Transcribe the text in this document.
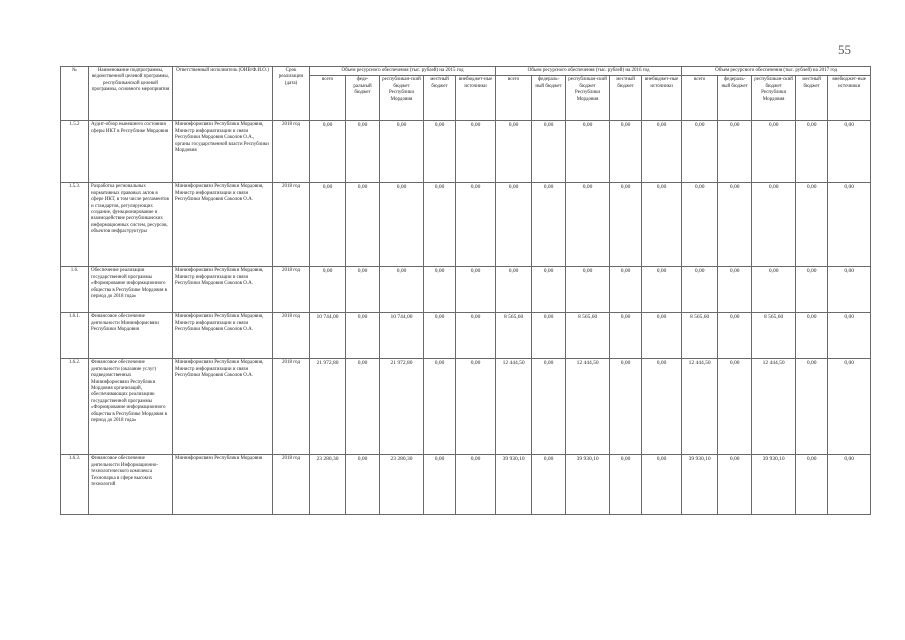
55
№	Наименование подпрограммы, ведомственной целевой программы, республиканской целевой программы, основного мероприятия	Ответственный исполнитель (ОИВ/Ф.И.О.)	Срок реализации (дата)	Объем ресурсного обеспечения (тыс. рублей) на 2015 год					Объем ресурсного обеспечения (тыс. рублей) на 2016 год					Объем ресурсного обеспечения (тыс. рублей) на 2017 год				
				всего	феде-ральный бюджет	республикан-ский бюджет Республики Мордовия	местный бюджет	внебюджет-ные источники	всего	федераль-ный бюджет	республикан-ский бюджет Республики Мордовия	местный бюджет	внебюджет-ные источники	всего	федераль-ный бюджет	республикан-ский бюджет Республики Мордовия	местный бюджет	внебюджет-ные источники
1.5.2	Аудит-обзор нынешнего состояния сферы ИКТ в Республике Мордовия	Мининформсвязи Республики Мордовия, Министр информатизации и связи Республики Мордовия Соколов О.А., органы государственной власти Республики Мордовия	2018 год	0,00	0,00	0,00	0,00	0,00	0,00	0,00	0,00	0,00	0,00	0,00	0,00	0,00	0,00	0,00
1.5.3.	Разработка региональных нормативных правовых актов в сфере ИКТ, в том числе регламентов и стандартов, регулирующих создание, функционирование и взаимодействие республиканских информационных систем, ресурсов, объектов инфраструктуры	Мининформсвязи Республики Мордовия, Министр информатизации и связи Республики Мордовия Соколов О.А.	2018 год	0,00	0,00	0,00	0,00	0,00	0,00	0,00	0,00	0,00	0,00	0,00	0,00	0,00	0,00	0,00
1.6.	Обеспечение реализации государственной программы «Формирование информационного общества в Республике Мордовия в период до 2018 года»	Мининформсвязи Республики Мордовия, Министр информатизации и связи Республики Мордовия Соколов О.А.	2018 год	0,00	0,00	0,00	0,00	0,00	0,00	0,00	0,00	0,00	0,00	0,00	0,00	0,00	0,00	0,00
1.6.1.	Финансовое обеспечение деятельности Мининформсвязи Республики Мордовия	Мининформсвязи Республики Мордовия, Министр информатизации и связи Республики Мордовия Соколов О.А.	2018 год	10 744,00	0,00	10 744,00	0,00	0,00	8 565,60	0,00	8 565,60	0,00	0,00	8 565,60	0,00	8 565,60	0,00	0,00
1.6.2.	Финансовое обеспечение деятельности (оказание услуг) подведомственных Мининформсвязи Республики Мордовия организаций, обеспечивающих реализацию государственной программы «Формирование информационного общества в Республике Мордовия в период до 2018 года»	Мининформсвязи Республики Мордовия, Министр информатизации и связи Республики Мордовия Соколов О.А.	2018 год	21 972,80	0,00	21 972,80	0,00	0,00	12 444,50	0,00	12 444,50	0,00	0,00	12 444,50	0,00	12 444,50	0,00	0,00
1.6.3.	Финансовое обеспечение деятельности Информационно-технологического комплекса Технопарка в сфере высоких технологий	Мининформсвязи Республики Мордовия	2018 год	23 280,30	0,00	23 280,30	0,00	0,00	39 930,10	0,00	39 930,10	0,00	0,00	39 930,10	0,00	39 930,10	0,00	0,00
